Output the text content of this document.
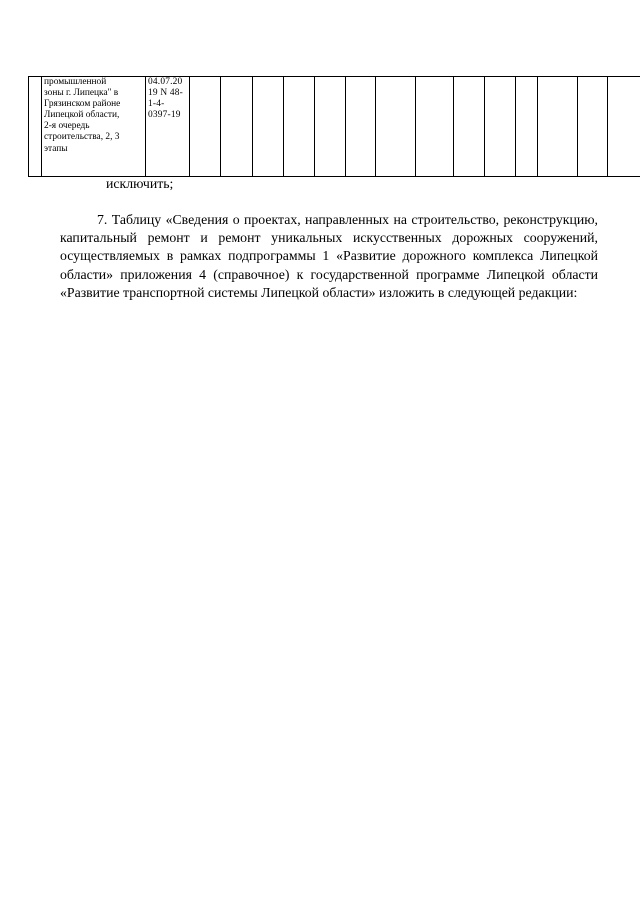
	промышленной
зоны г. Липецка" в
Грязинском районе
Липецкой области,
2-я очередь
строительства, 2, 3
этапы	04.07.20
19 N 48-
1-4-
0397-19														
исключить;

7. Таблицу «Сведения о проектах, направленных на строительство, реконструкцию, капитальный ремонт и ремонт уникальных искусственных дорожных сооружений, осуществляемых в рамках подпрограммы 1 «Развитие дорожного комплекса Липецкой области» приложения 4 (справочное) к государственной программе Липецкой области «Развитие транспортной системы Липецкой области» изложить в следующей редакции:
